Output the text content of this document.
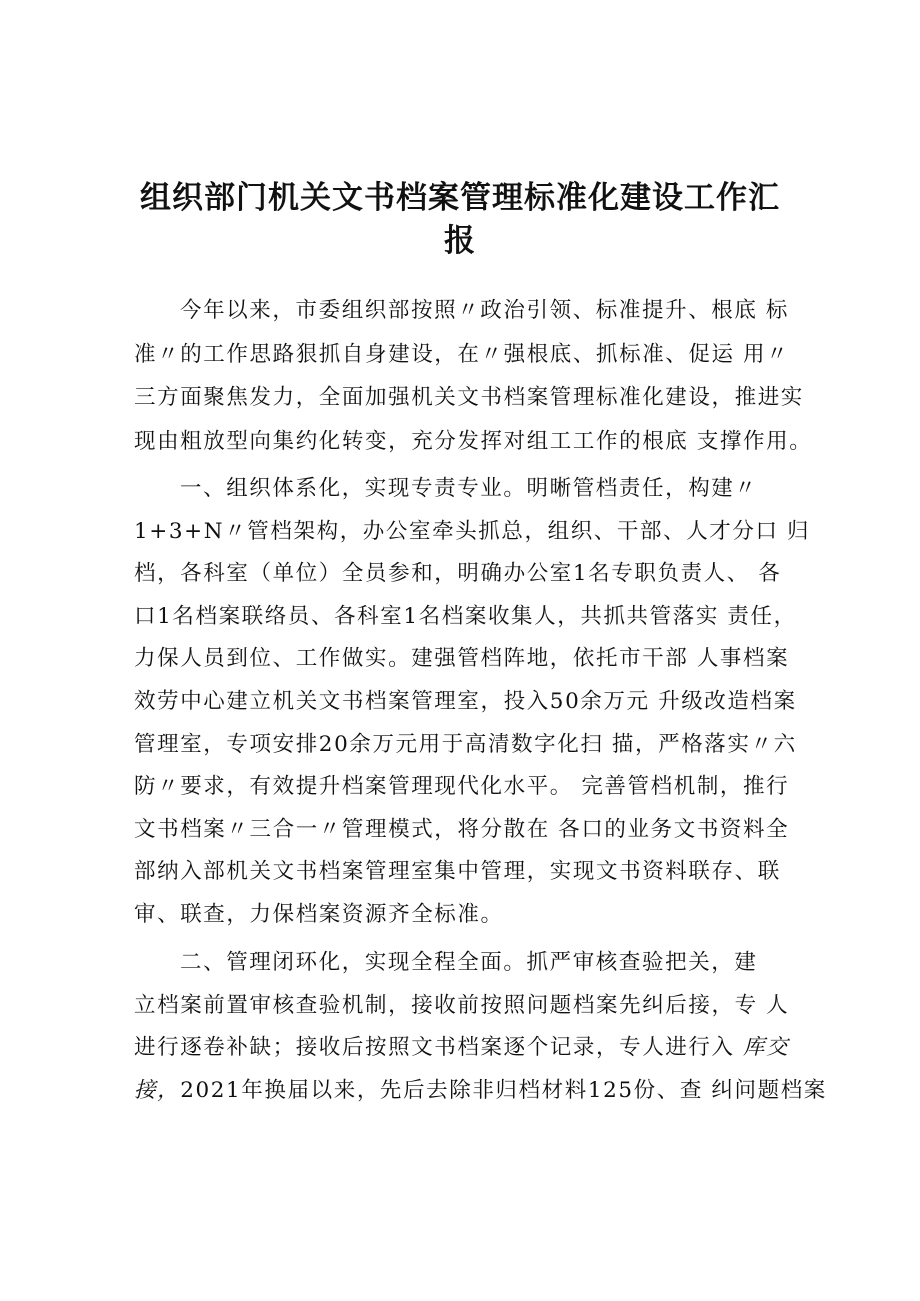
组织部门机关文书档案管理标准化建设工作汇
报
今年以来，市委组织部按照〃政治引领、标准提升、根底 标
准〃的工作思路狠抓自身建设，在〃强根底、抓标准、促运 用〃
三方面聚焦发力，全面加强机关文书档案管理标准化建设，推进实
现由粗放型向集约化转变，充分发挥对组工工作的根底 支撑作用。
一、组织体系化，实现专责专业。明晰管档责任，构建〃
1+3+N〃管档架构，办公室牵头抓总，组织、干部、人才分口 归
档，各科室（单位）全员参和，明确办公室1名专职负责人、 各
口1名档案联络员、各科室1名档案收集人，共抓共管落实 责任，
力保人员到位、工作做实。建强管档阵地，依托市干部 人事档案
效劳中心建立机关文书档案管理室，投入50余万元 升级改造档案
管理室，专项安排20余万元用于高清数字化扫 描，严格落实〃六
防〃要求，有效提升档案管理现代化水平。 完善管档机制，推行
文书档案〃三合一〃管理模式，将分散在 各口的业务文书资料全
部纳入部机关文书档案管理室集中管理，实现文书资料联存、联
审、联查，力保档案资源齐全标准。
二、管理闭环化，实现全程全面。抓严审核查验把关，建
立档案前置审核查验机制，接收前按照问题档案先纠后接，专 人
进行逐卷补缺；接收后按照文书档案逐个记录，专人进行入 库交
接，2021年换届以来，先后去除非归档材料125份、查 纠问题档案
